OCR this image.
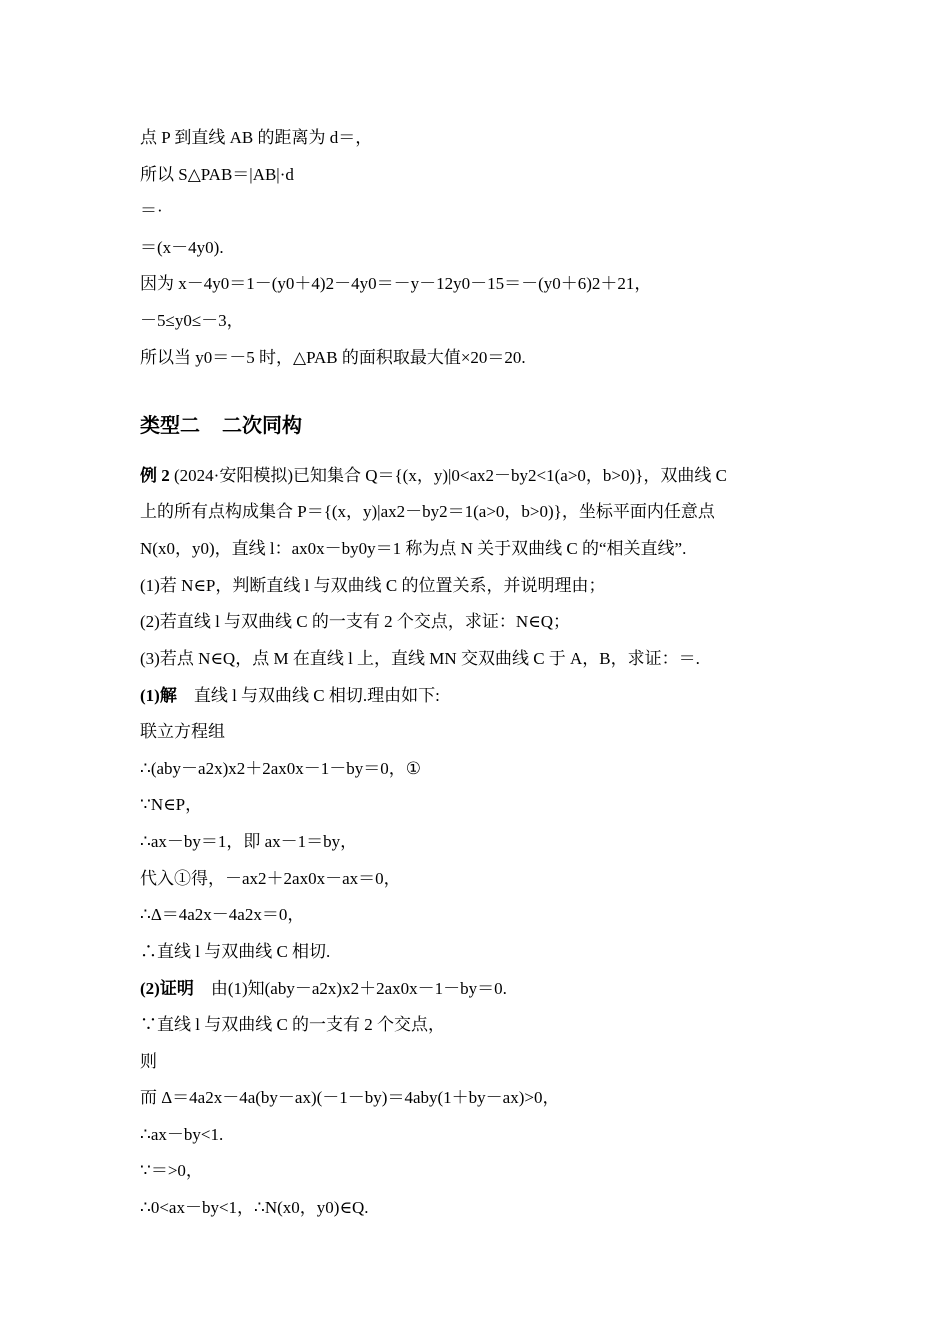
点 P 到直线 AB 的距离为 d＝，
所以 S△PAB＝|AB|·d
＝·
＝(x－4y0).
因为 x－4y0＝1－(y0＋4)2－4y0＝－y－12y0－15＝－(y0＋6)2＋21，
－5≤y0≤－3，
所以当 y0＝－5 时，△PAB 的面积取最大值×20＝20.
类型二 二次同构
例 2 (2024·安阳模拟)已知集合 Q＝{(x，y)|0<ax2－by2<1(a>0，b>0)}，双曲线 C
上的所有点构成集合 P＝{(x，y)|ax2－by2＝1(a>0，b>0)}，坐标平面内任意点
N(x0，y0)，直线 l：ax0x－by0y＝1 称为点 N 关于双曲线 C 的“相关直线”.
(1)若 N∈P，判断直线 l 与双曲线 C 的位置关系，并说明理由；
(2)若直线 l 与双曲线 C 的一支有 2 个交点，求证：N∈Q；
(3)若点 N∈Q，点 M 在直线 l 上，直线 MN 交双曲线 C 于 A，B，求证：＝.
(1)解 直线 l 与双曲线 C 相切.理由如下:
联立方程组
∴(aby－a2x)x2＋2ax0x－1－by＝0，①
∵N∈P，
∴ax－by＝1，即 ax－1＝by，
代入①得，－ax2＋2ax0x－ax＝0，
∴Δ＝4a2x－4a2x＝0，
∴直线 l 与双曲线 C 相切.
(2)证明 由(1)知(aby－a2x)x2＋2ax0x－1－by＝0.
∵直线 l 与双曲线 C 的一支有 2 个交点，
则
而 Δ＝4a2x－4a(by－ax)(－1－by)＝4aby(1＋by－ax)>0，
∴ax－by<1.
∵＝>0，
∴0<ax－by<1，∴N(x0，y0)∈Q.
